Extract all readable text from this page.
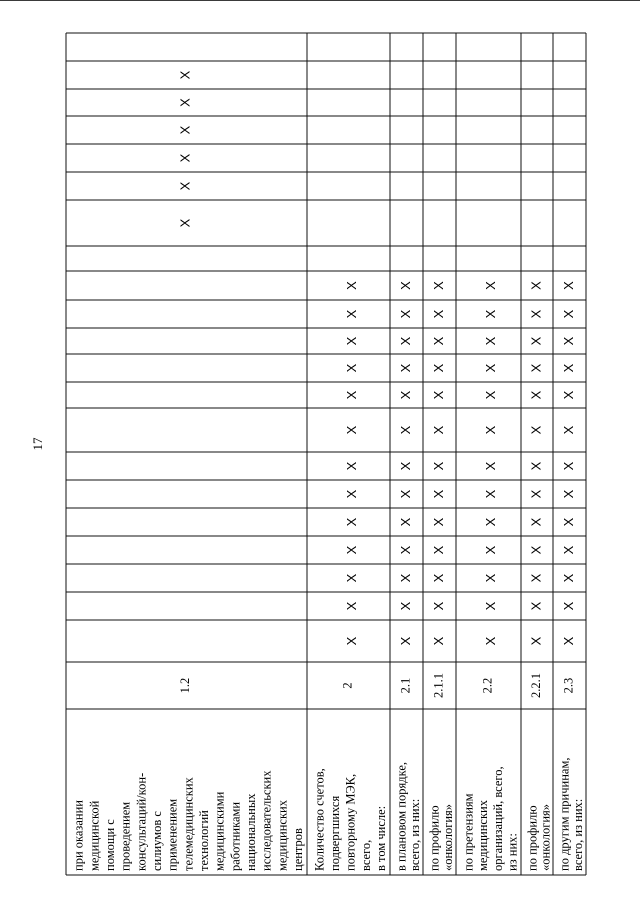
17
при оказании медицинской помощи с проведением консультаций/кон- силиумов с применением телемедицинских технологий медицинскими работниками национальных исследовательских медицинских центров
1.2
X
X
X
X
X
X
Количество счетов, подвергшихся повторному МЭК, всего, в том числе:
2
X
X
X
X
X
X
X
X
X
X
X
X
X
в плановом порядке, всего, из них:
2.1
X
X
X
X
X
X
X
X
X
X
X
X
X
по профилю «онкология»
2.1.1
X
X
X
X
X
X
X
X
X
X
X
X
X
по претензиям медицинских организаций, всего, из них:
2.2
X
X
X
X
X
X
X
X
X
X
X
X
X
по профилю «онкология»
2.2.1
X
X
X
X
X
X
X
X
X
X
X
X
X
по другим причинам, всего, из них:
2.3
X
X
X
X
X
X
X
X
X
X
X
X
X
